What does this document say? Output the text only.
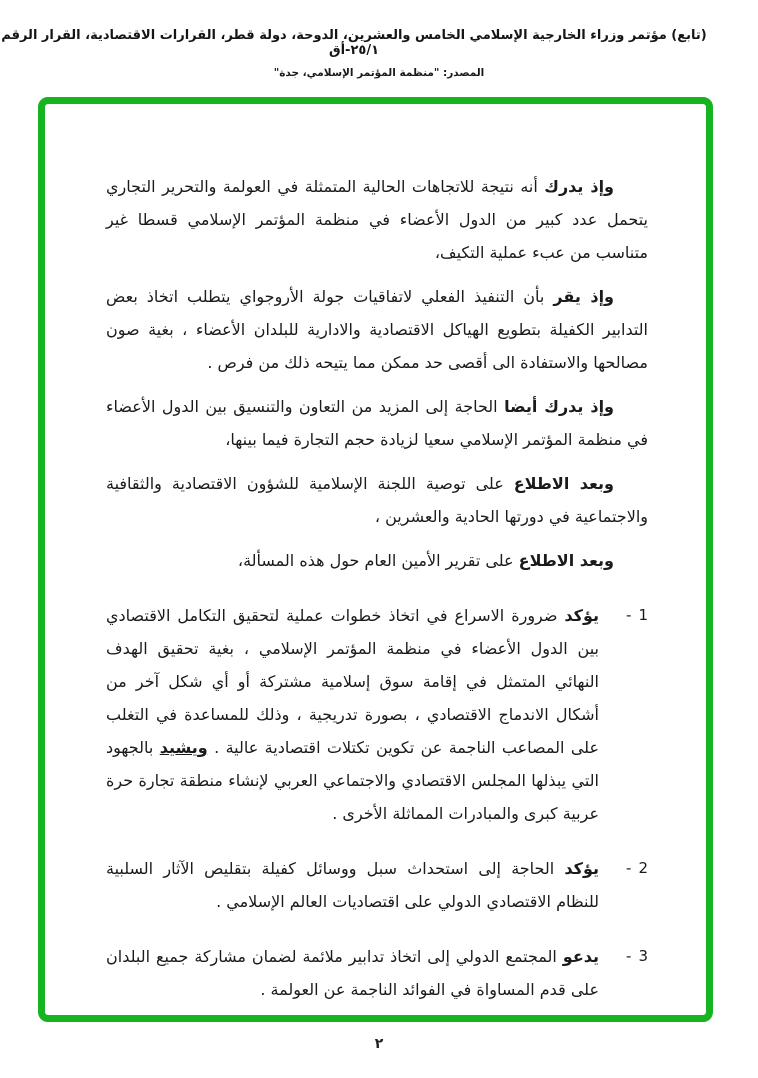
(تابع) مؤتمر وزراء الخارجية الإسلامي الخامس والعشرين، الدوحة، دولة قطر، القرارات الاقتصادية، القرار الرقم ٢٥/١-أق
المصدر: "منظمة المؤتمر الإسلامي، جدة"

وإذ يدرك أنه نتيجة للاتجاهات الحالية المتمثلة في العولمة والتحرير التجاري يتحمل عدد كبير من الدول الأعضاء في منظمة المؤتمر الإسلامي قسطا غير متناسب من عبء عملية التكيف،

وإذ يقر بأن التنفيذ الفعلي لاتفاقيات جولة الأروجواي يتطلب اتخاذ بعض التدابير الكفيلة بتطويع الهياكل الاقتصادية والادارية للبلدان الأعضاء ، بغية صون مصالحها والاستفادة الى أقصى حد ممكن مما يتيحه ذلك من فرص .

وإذ يدرك أيضا الحاجة إلى المزيد من التعاون والتنسيق بين الدول الأعضاء في منظمة المؤتمر الإسلامي سعيا لزيادة حجم التجارة فيما بينها،

وبعد الاطلاع على توصية اللجنة الإسلامية للشؤون الاقتصادية والثقافية والاجتماعية في دورتها الحادية والعشرين ،

وبعد الاطلاع على تقرير الأمين العام حول هذه المسألة،

1
-

يؤكد ضرورة الاسراع في اتخاذ خطوات عملية لتحقيق التكامل الاقتصادي بين الدول الأعضاء في منظمة المؤتمر الإسلامي ، بغية تحقيق الهدف النهائي المتمثل في إقامة سوق إسلامية مشتركة أو أي شكل آخر من أشكال الاندماج الاقتصادي ، بصورة تدريجية ، وذلك للمساعدة في التغلب على المصاعب الناجمة عن تكوين تكتلات اقتصادية عالية . ويشيد بالجهود التي يبذلها المجلس الاقتصادي والاجتماعي العربي لإنشاء منطقة تجارة حرة عربية كبرى والمبادرات المماثلة الأخرى .

2
-

يؤكد الحاجة إلى استحداث سبل ووسائل كفيلة بتقليص الآثار السلبية للنظام الاقتصادي الدولي على اقتصاديات العالم الإسلامي .

3
-

يدعو المجتمع الدولي إلى اتخاذ تدابير ملائمة لضمان مشاركة جميع البلدان على قدم المساواة في الفوائد الناجمة عن العولمة .

٢
